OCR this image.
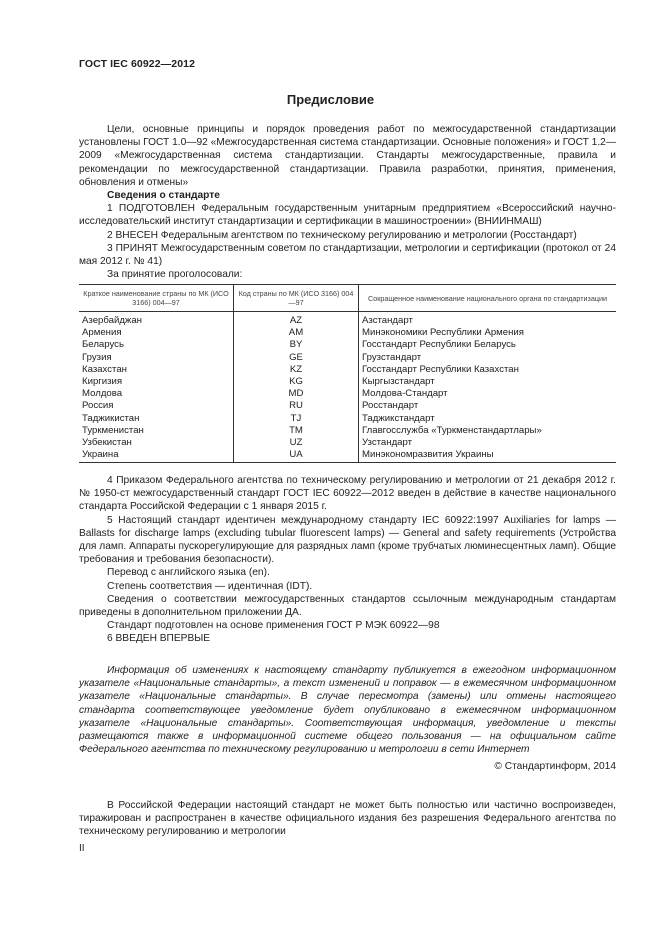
ГОСТ IEC 60922—2012
Предисловие

Цели, основные принципы и порядок проведения работ по межгосударственной стандартизации установлены ГОСТ 1.0—92 «Межгосударственная система стандартизации. Основные положения» и ГОСТ 1.2—2009 «Межгосударственная система стандартизации. Стандарты межгосударственные, правила и рекомендации по межгосударственной стандартизации. Правила разработки, принятия, применения, обновления и отмены»

Сведения о стандарте

1 ПОДГОТОВЛЕН Федеральным государственным унитарным предприятием «Всероссийский научно-исследовательский институт стандартизации и сертификации в машиностроении» (ВНИИНМАШ)

2 ВНЕСЕН Федеральным агентством по техническому регулированию и метрологии (Росстандарт)

3 ПРИНЯТ Межгосударственным советом по стандартизации, метрологии и сертификации (протокол от 24 мая 2012 г. № 41)

За принятие проголосовали:

Краткое наименование страны по МК (ИСО 3166) 004—97	Код страны по МК (ИСО 3166) 004—97	Сокращенное наименование национального органа по стандартизации
Азербайджан	AZ	Азстандарт
Армения	AM	Минэкономики Республики Армения
Беларусь	BY	Госстандарт Республики Беларусь
Грузия	GE	Грузстандарт
Казахстан	KZ	Госстандарт Республики Казахстан
Киргизия	KG	Кыргызстандарт
Молдова	MD	Молдова-Стандарт
Россия	RU	Росстандарт
Таджикистан	TJ	Таджикстандарт
Туркменистан	TM	Главгосслужба «Туркменстандартлары»
Узбекистан	UZ	Узстандарт
Украина	UA	Минэкономразвития Украины

4 Приказом Федерального агентства по техническому регулированию и метрологии от 21 декабря 2012 г. № 1950-ст межгосударственный стандарт ГОСТ IEC 60922—2012 введен в действие в качестве национального стандарта Российской Федерации с 1 января 2015 г.

5 Настоящий стандарт идентичен международному стандарту IEC 60922:1997 Auxiliaries for lamps — Ballasts for discharge lamps (excluding tubular fluorescent lamps) — General and safety requirements (Устройства для ламп. Аппараты пускорегулирующие для разрядных ламп (кроме трубчатых люминесцентных ламп). Общие требования и требования безопасности).

Перевод с английского языка (en).

Степень соответствия — идентичная (IDT).

Сведения о соответствии межгосударственных стандартов ссылочным международным стандартам приведены в дополнительном приложении ДА.

Стандарт подготовлен на основе применения ГОСТ Р МЭК 60922—98

6 ВВЕДЕН ВПЕРВЫЕ

Информация об изменениях к настоящему стандарту публикуется в ежегодном информационном указателе «Национальные стандарты», а текст изменений и поправок — в ежемесячном информационном указателе «Национальные стандарты». В случае пересмотра (замены) или отмены настоящего стандарта соответствующее уведомление будет опубликовано в ежемесячном информационном указателе «Национальные стандарты». Соответствующая информация, уведомление и тексты размещаются также в информационной системе общего пользования — на официальном сайте Федерального агентства по техническому регулированию и метрологии в сети Интернет

© Стандартинформ, 2014

В Российской Федерации настоящий стандарт не может быть полностью или частично воспроизведен, тиражирован и распространен в качестве официального издания без разрешения Федерального агентства по техническому регулированию и метрологии

II
